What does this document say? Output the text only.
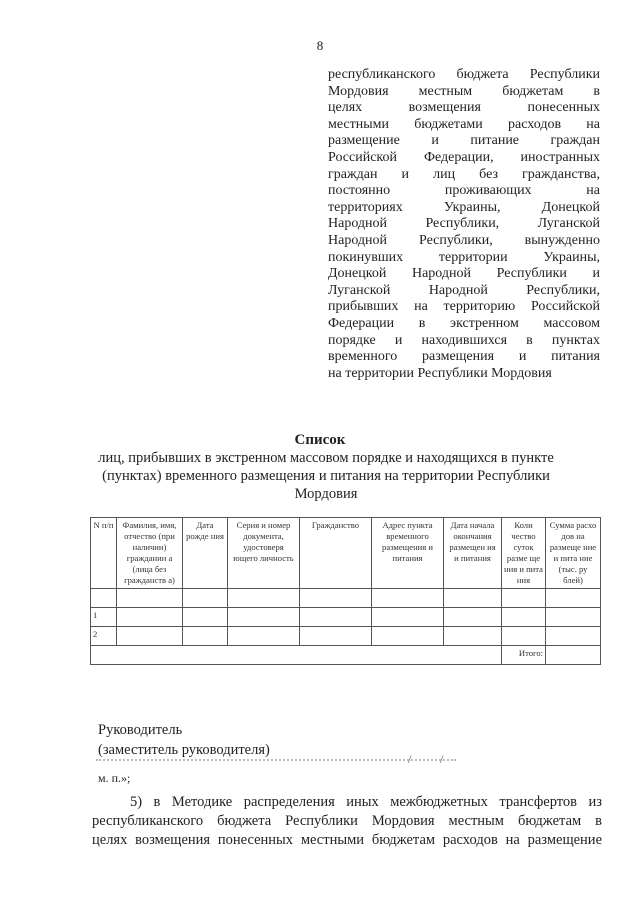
8
республиканского бюджета Республики
Мордовия местным бюджетам в
целях возмещения понесенных
местными бюджетами расходов на
размещение и питание граждан
Российской Федерации, иностранных
граждан и лиц без гражданства,
постоянно проживающих на
территориях Украины, Донецкой
Народной Республики, Луганской
Народной Республики, вынужденно
покинувших территории Украины,
Донецкой Народной Республики и
Луганской Народной Республики,
прибывших на территорию Российской
Федерации в экстренном массовом
порядке и находившихся в пунктах
временного размещения и питания
на территории Республики Мордовия
Список
лиц, прибывших в экстренном массовом порядке и находящихся в пункте
(пунктах) временного размещения и питания на территории Республики
Мордовия
N п/п	Фамилия, имя, отчество (при наличии) гражданин а (лица без гражданств а)	Дата рожде ния	Серия и номер документа, удостоверя ющего личность	Гражданство	Адрес пункта временного размещения и питания	Дата начала окончания размещен ия и питания	Коли чество суток разме ще ния и пита ния	Сумма расхо дов на размеще ние и пита ние (тыс. ру блей)

1								
2								
							Итого:	
Руководитель
(заместитель руководителя)
/ /
м. п.»;
5) в Методике распределения иных межбюджетных трансфертов из
республиканского бюджета Республики Мордовия местным бюджетам в
целях возмещения понесенных местными бюджетам расходов на размещение
